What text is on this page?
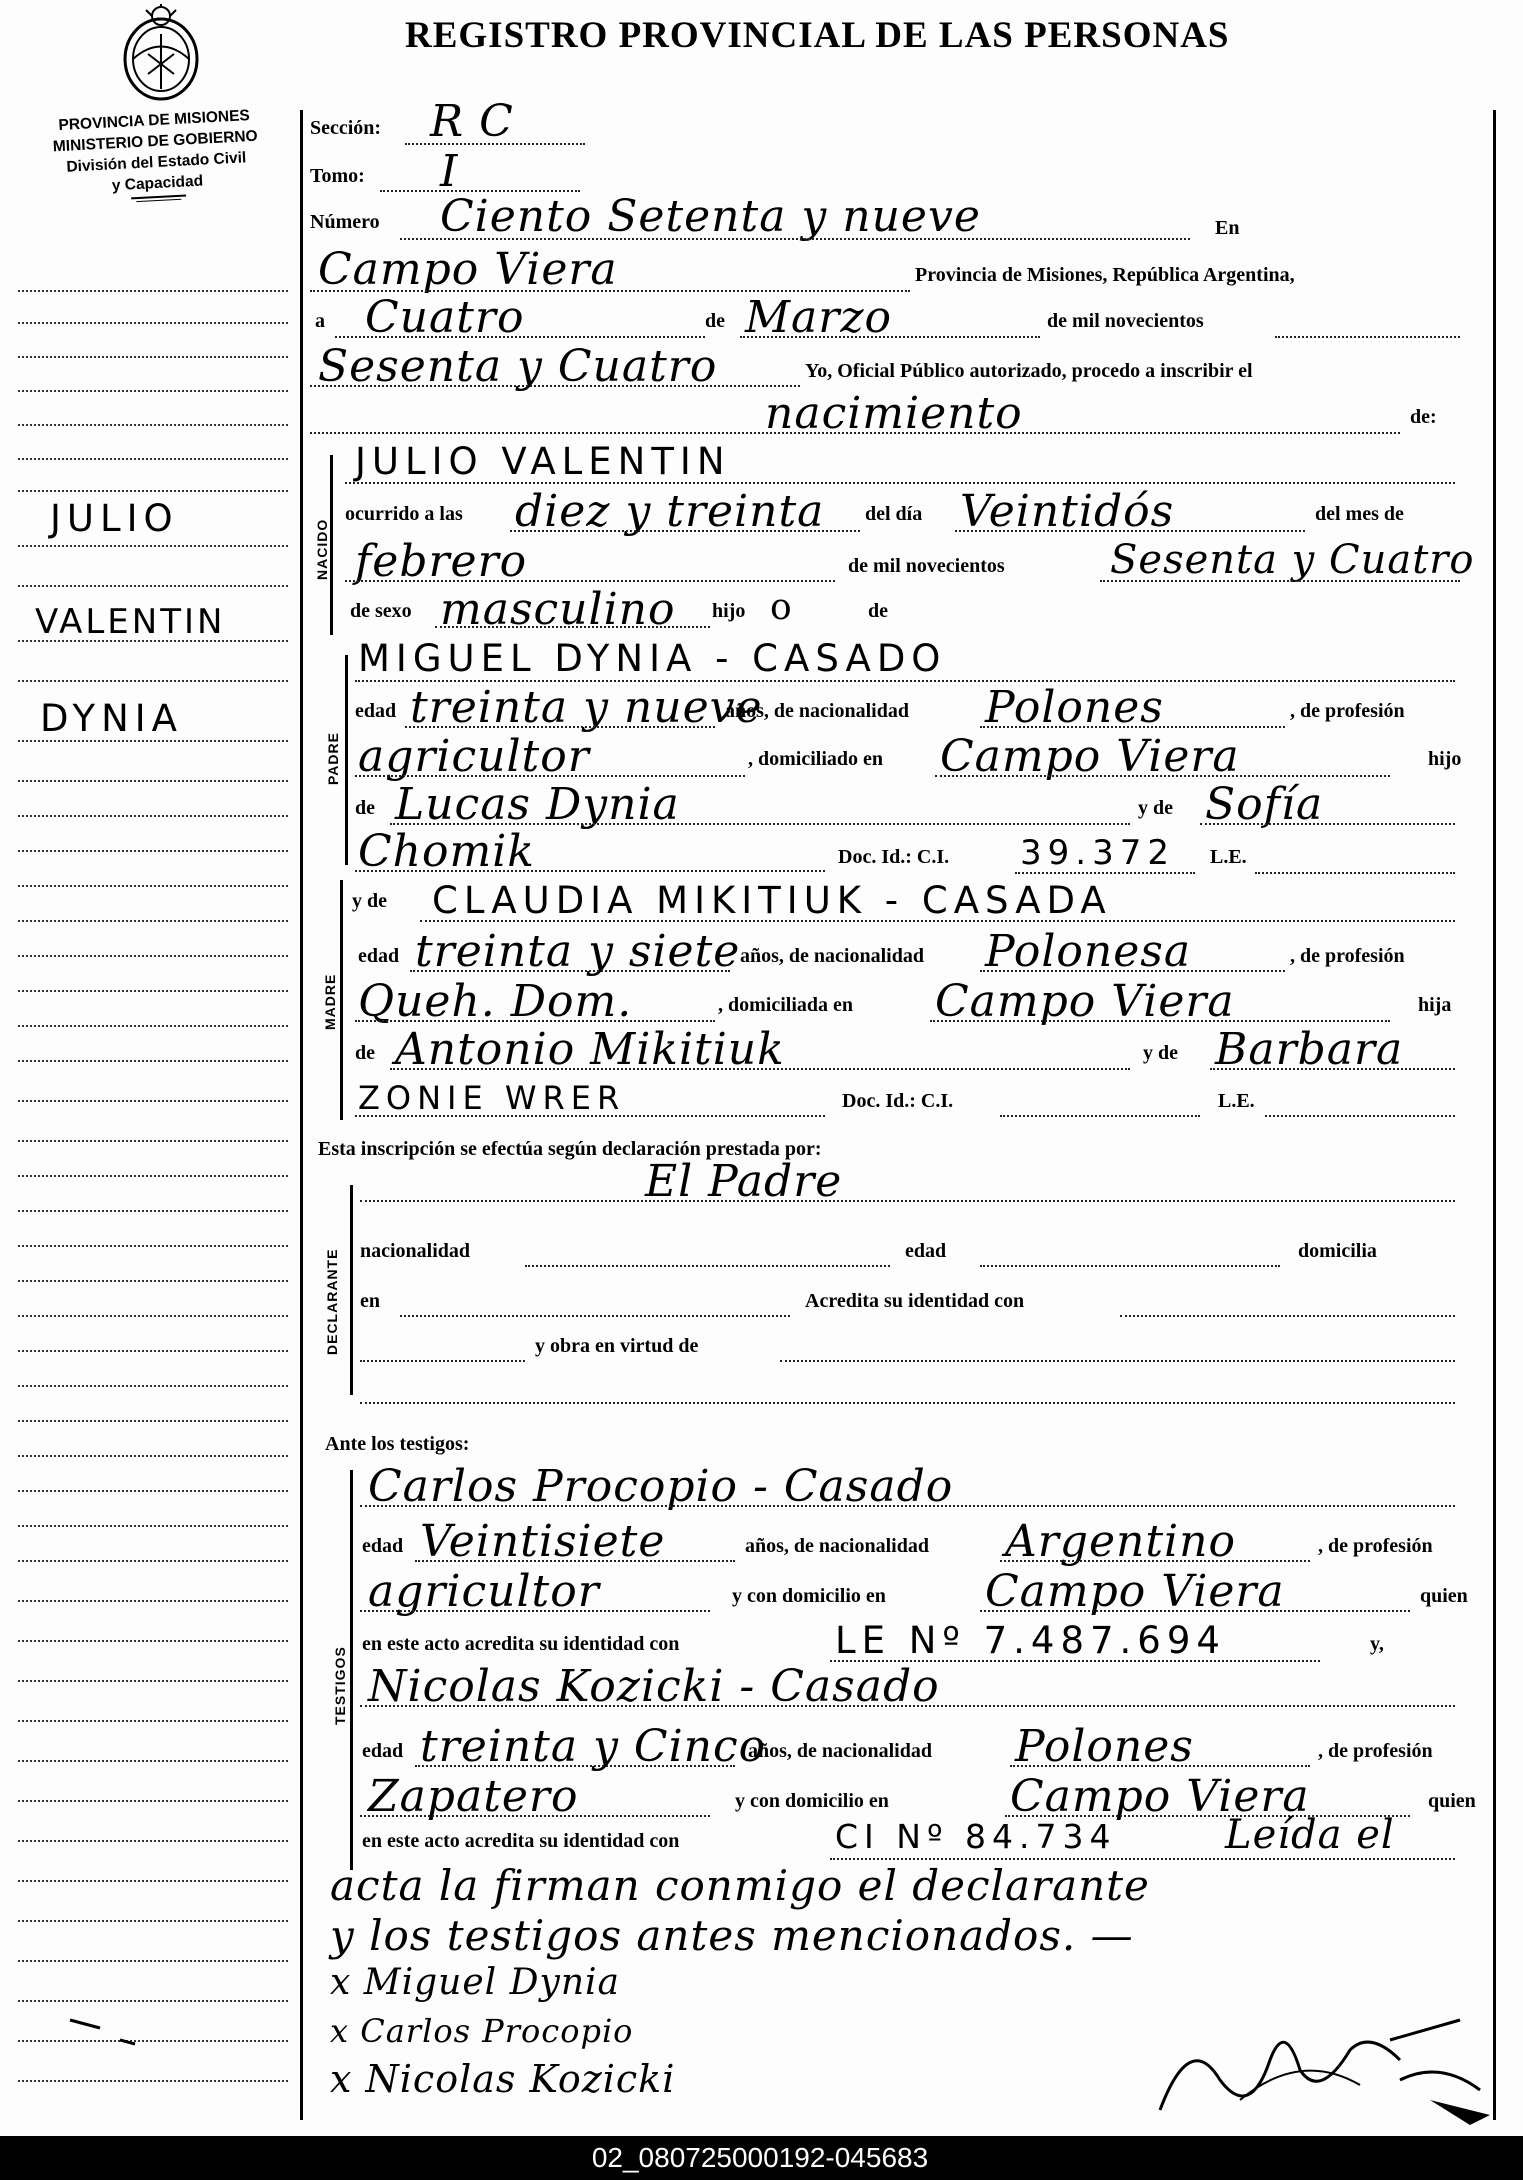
REGISTRO PROVINCIAL DE LAS PERSONAS
PROVINCIA DE MISIONES
MINISTERIO DE GOBIERNO
División del Estado Civil
y Capacidad
JULIO
VALENTIN
DYNIA
Sección: R C
Tomo: I
Número Ciento Setenta y nueve	En
Campo Viera	Provincia de Misiones, República Argentina,
a Cuatro	de Marzo	de mil novecientos
Sesenta y Cuatro	Yo, Oficial Público autorizado, procedo a inscribir el
nacimiento	de:
NACIDO
JULIO VALENTIN
ocurrido a las diez y treinta del día Veintidós	del mes de
febrero	de mil novecientos	Sesenta y Cuatro
de sexo masculino hijo o	de
PADRE
MIGUEL DYNIA - CASADO
edad treinta y nueve
años, de nacionalidad Polones	, de profesión
agricultor	, domiciliado en Campo Viera	hijo
de Lucas Dynia	y de Sofía
Chomik	Doc. Id.: C.I. 39.372 L.E.
MADRE
y de CLAUDIA MIKITIUK - CASADA
edad treinta y siete años, de nacionalidad Polonesa	, de profesión
Queh. Dom.	, domiciliada en Campo Viera	hija
de Antonio Mikitiuk	y de Barbara
ZONIE WRER	Doc. Id.: C.I.	L.E.
Esta inscripción se efectúa según declaración prestada por:
El Padre
DECLARANTE nacionalidad	edad	domicilia
en	Acredita su identidad con
y obra en virtud de
Ante los testigos:
TESTIGOS
Carlos Procopio - Casado
edad Veintisiete	años, de nacionalidad Argentino	, de profesión
agricultor	y con domicilio en Campo Viera	quien
en este acto acredita su identidad con	LE Nº 7.487.694	y,
Nicolas Kozicki - Casado
edad treinta y Cinco
años, de nacionalidad Polones	, de profesión
Zapatero	y con domicilio en	Campo Viera	quien
en este acto acredita su identidad con	CI Nº 84.734	Leída el
acta la firman conmigo el declarante
y los testigos antes mencionados. —
x Miguel Dynia
x Carlos Procopio
x Nicolas Kozicki
02_080725000192-045683
